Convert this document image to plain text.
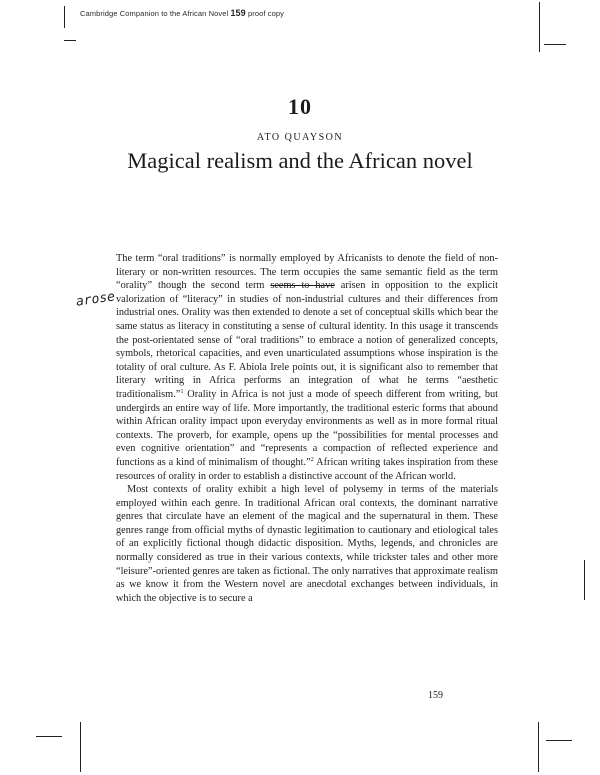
Cambridge Companion to the African Novel 159 proof copy
10
ATO QUAYSON
Magical realism and the African novel
arose

The term “oral traditions” is normally employed by Africanists to denote the field of non-literary or non-written resources. The term occupies the same semantic field as the term “orality” though the second term seems to have arisen in opposition to the explicit valorization of “literacy” in studies of non-industrial cultures and their differences from industrial ones. Orality was then extended to denote a set of conceptual skills which bear the same status as literacy in constituting a sense of cultural identity. In this usage it transcends the post-orientated sense of “oral traditions” to embrace a notion of generalized concepts, symbols, rhetorical capacities, and even unarticulated assumptions whose inspiration is the totality of oral culture. As F. Abiola Irele points out, it is significant also to remember that literary writing in Africa performs an integration of what he terms “aesthetic traditionalism.”$^1$ Orality in Africa is not just a mode of speech different from writing, but undergirds an entire way of life. More importantly, the traditional esteric forms that abound within African orality impact upon everyday environments as well as in more formal ritual contexts. The proverb, for example, opens up the “possibilities for mental processes and even cognitive orientation” and “represents a compaction of reflected experience and functions as a kind of minimalism of thought.”$^2$ African writing takes inspiration from these resources of orality in order to establish a distinctive account of the African world.

Most contexts of orality exhibit a high level of polysemy in terms of the materials employed within each genre. In traditional African oral contexts, the dominant narrative genres that circulate have an element of the magical and the supernatural in them. These genres range from official myths of dynastic legitimation to cautionary and etiological tales of an explicitly fictional though didactic disposition. Myths, legends, and chronicles are normally considered as true in their various contexts, while trickster tales and other more “leisure”-oriented genres are taken as fictional. The only narratives that approximate realism as we know it from the Western novel are anecdotal exchanges between individuals, in which the objective is to secure a

159
